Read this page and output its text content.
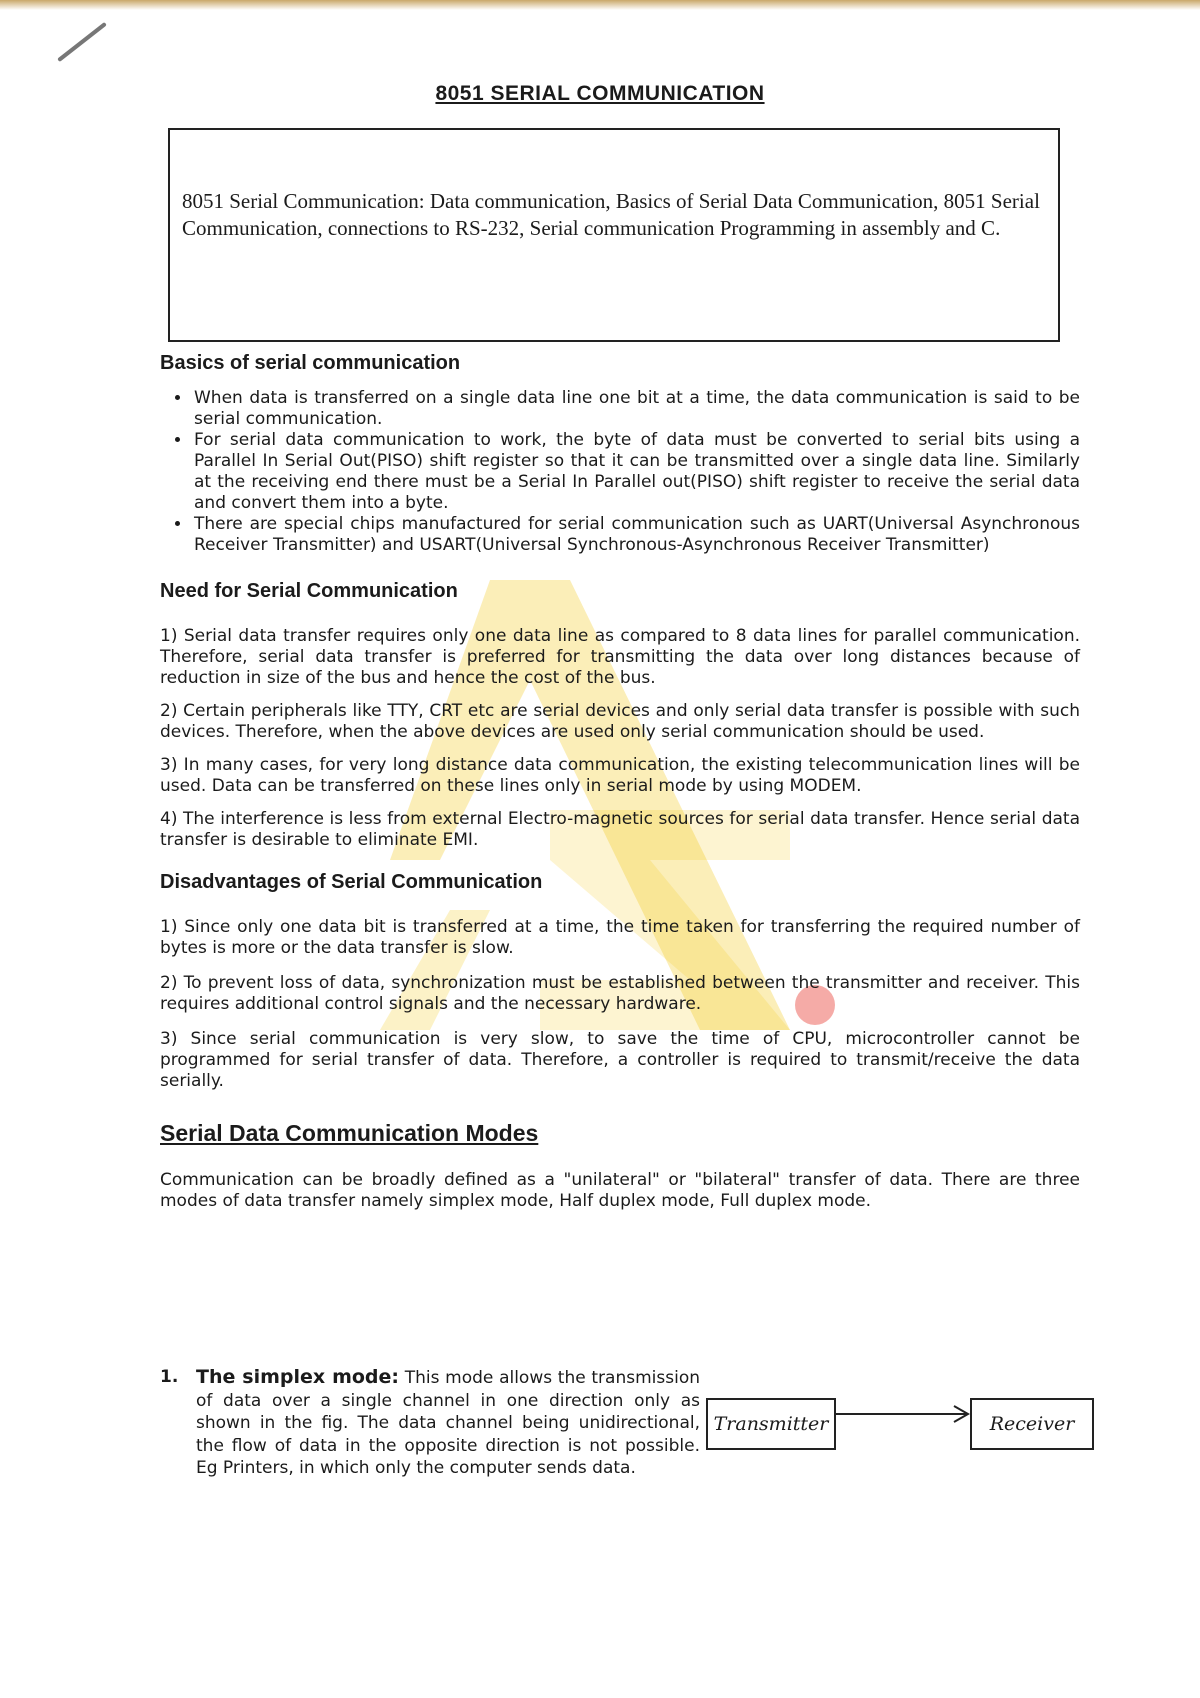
8051 SERIAL COMMUNICATION
8051 Serial Communication: Data communication, Basics of Serial Data Communication, 8051 Serial Communication, connections to RS-232, Serial communication Programming in assembly and C.
Basics of serial communication
• When data is transferred on a single data line one bit at a time, the data communication is said to be serial communication.
• For serial data communication to work, the byte of data must be converted to serial bits using a Parallel In Serial Out(PISO) shift register so that it can be transmitted over a single data line. Similarly at the receiving end there must be a Serial In Parallel out(PISO) shift register to receive the serial data and convert them into a byte.
• There are special chips manufactured for serial communication such as UART(Universal Asynchronous Receiver Transmitter) and USART(Universal Synchronous-Asynchronous Receiver Transmitter)
Need for Serial Communication

1) Serial data transfer requires only one data line as compared to 8 data lines for parallel communication. Therefore, serial data transfer is preferred for transmitting the data over long distances because of reduction in size of the bus and hence the cost of the bus.

2) Certain peripherals like TTY, CRT etc are serial devices and only serial data transfer is possible with such devices. Therefore, when the above devices are used only serial communication should be used.

3) In many cases, for very long distance data communication, the existing telecommunication lines will be used. Data can be transferred on these lines only in serial mode by using MODEM.

4) The interference is less from external Electro-magnetic sources for serial data transfer. Hence serial data transfer is desirable to eliminate EMI.

Disadvantages of Serial Communication

1) Since only one data bit is transferred at a time, the time taken for transferring the required number of bytes is more or the data transfer is slow.

2) To prevent loss of data, synchronization must be established between the transmitter and receiver. This requires additional control signals and the necessary hardware.

3) Since serial communication is very slow, to save the time of CPU, microcontroller cannot be programmed for serial transfer of data. Therefore, a controller is required to transmit/receive the data serially.

Serial Data Communication Modes

Communication can be broadly defined as a "unilateral" or "bilateral" transfer of data. There are three modes of data transfer namely simplex mode, Half duplex mode, Full duplex mode.

1. The simplex mode: This mode allows the transmission of data over a single channel in one direction only as shown in the fig. The data channel being unidirectional, the flow of data in the opposite direction is not possible. Eg Printers, in which only the computer sends data.
Transmitter	Receiver
